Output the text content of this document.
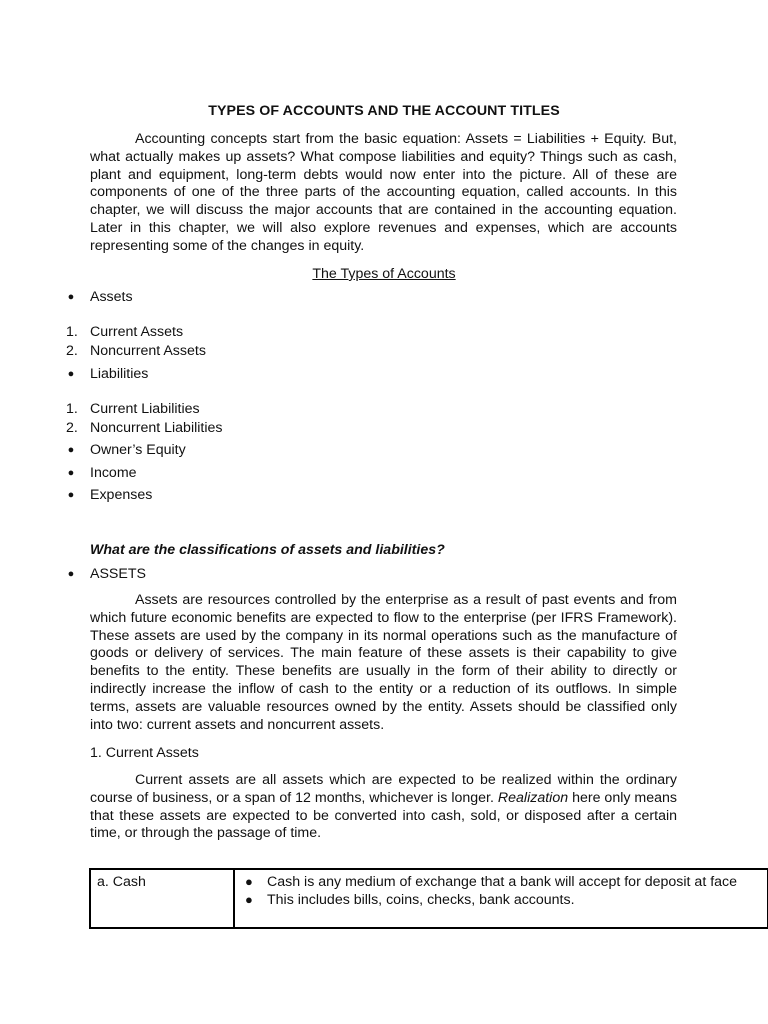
TYPES OF ACCOUNTS AND THE ACCOUNT TITLES

Accounting concepts start from the basic equation: Assets = Liabilities + Equity. But, what actually makes up assets? What compose liabilities and equity? Things such as cash, plant and equipment, long-term debts would now enter into the picture. All of these are components of one of the three parts of the accounting equation, called accounts. In this chapter, we will discuss the major accounts that are contained in the accounting equation. Later in this chapter, we will also explore revenues and expenses, which are accounts representing some of the changes in equity.

The Types of Accounts
● Assets
1. Current Assets
2. Noncurrent Assets
● Liabilities
1. Current Liabilities
2. Noncurrent Liabilities
● Owner’s Equity
● Income
● Expenses
What are the classifications of assets and liabilities?
● ASSETS

Assets are resources controlled by the enterprise as a result of past events and from which future economic benefits are expected to flow to the enterprise (per IFRS Framework). These assets are used by the company in its normal operations such as the manufacture of goods or delivery of services. The main feature of these assets is their capability to give benefits to the entity. These benefits are usually in the form of their ability to directly or indirectly increase the inflow of cash to the entity or a reduction of its outflows. In simple terms, assets are valuable resources owned by the entity. Assets should be classified only into two: current assets and noncurrent assets.

1. Current Assets

Current assets are all assets which are expected to be realized within the ordinary course of business, or a span of 12 months, whichever is longer. Realization here only means that these assets are expected to be converted into cash, sold, or disposed after a certain time, or through the passage of time.

a. Cash	● Cash is any medium of exchange that a bank will accept for deposit at face
● This includes bills, coins, checks, bank accounts.
